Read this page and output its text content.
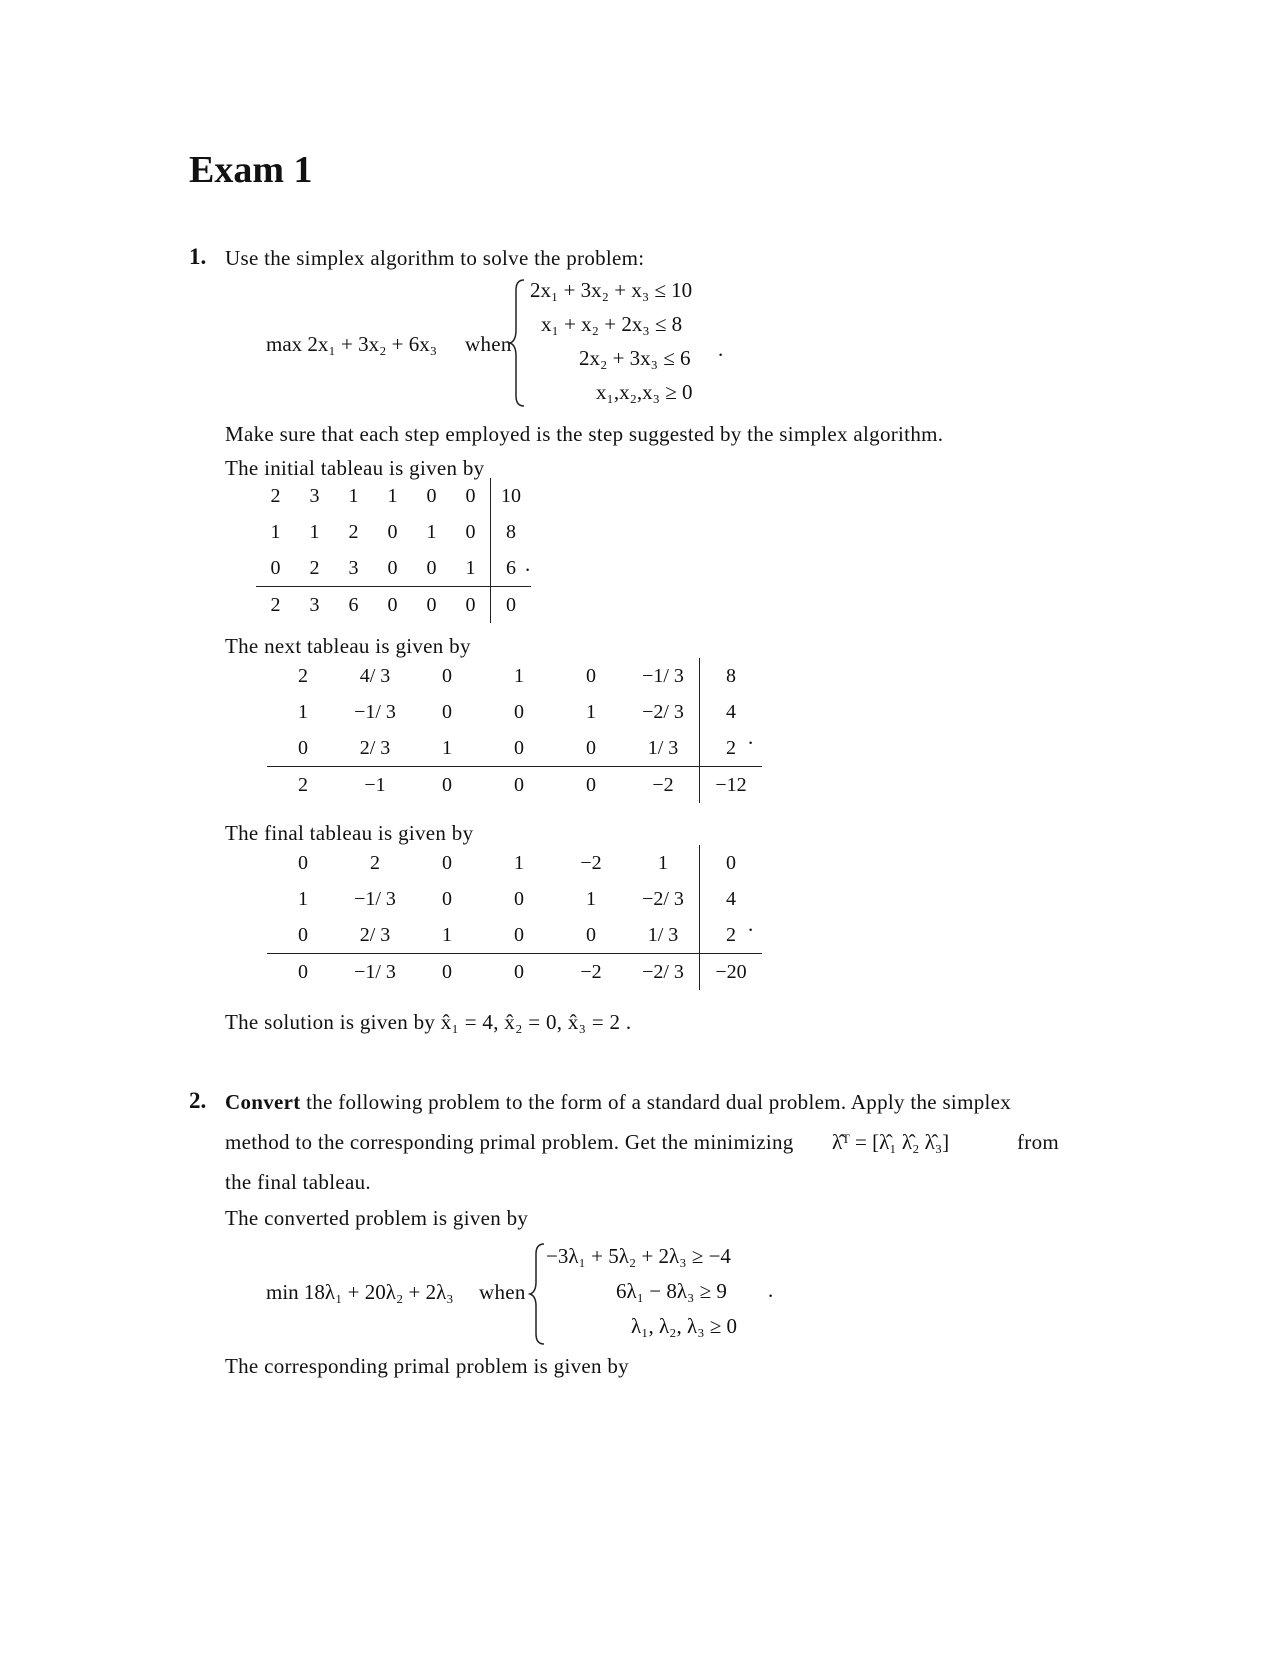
Exam 1
1. Use the simplex algorithm to solve the problem:
max 2x₁ + 3x₂ + 6x₃ when
2x₁ + 3x₂ + x₃ ≤ 10
x₁ + x₂ + 2x₃ ≤ 8
2x₂ + 3x₃ ≤ 6
x₁,x₂,x₃ ≥ 0
.
Make sure that each step employed is the step suggested by the simplex algorithm.
The initial tableau is given by
2	3	1	1	0	0	10
1	1	2	0	1	0	8
0	2	3	0	0	1	6
2	3	6	0	0	0	0
.
The next tableau is given by
2	4/ 3	0	1	0	−1/ 3	8
1	−1/ 3	0	0	1	−2/ 3	4
0	2/ 3	1	0	0	1/ 3	2
2	−1	0	0	0	−2	−12
.
The final tableau is given by
0	2	0	1	−2	1	0
1	−1/ 3	0	0	1	−2/ 3	4
0	2/ 3	1	0	0	1/ 3	2
0	−1/ 3	0	0	−2	−2/ 3	−20
.
The solution is given by x̂₁ = 4, x̂₂ = 0, x̂₃ = 2 .
2. Convert the following problem to the form of a standard dual problem. Apply the simplex
method to the corresponding primal problem. Get the minimizing λ̂ᵀ = [λ̂₁ λ̂₂ λ̂₃]	from
the final tableau.
The converted problem is given by
min 18λ₁ + 20λ₂ + 2λ₃ when
−3λ₁ + 5λ₂ + 2λ₃ ≥ −4
6λ₁ − 8λ₃ ≥ 9
λ₁, λ₂, λ₃ ≥ 0
.
The corresponding primal problem is given by
